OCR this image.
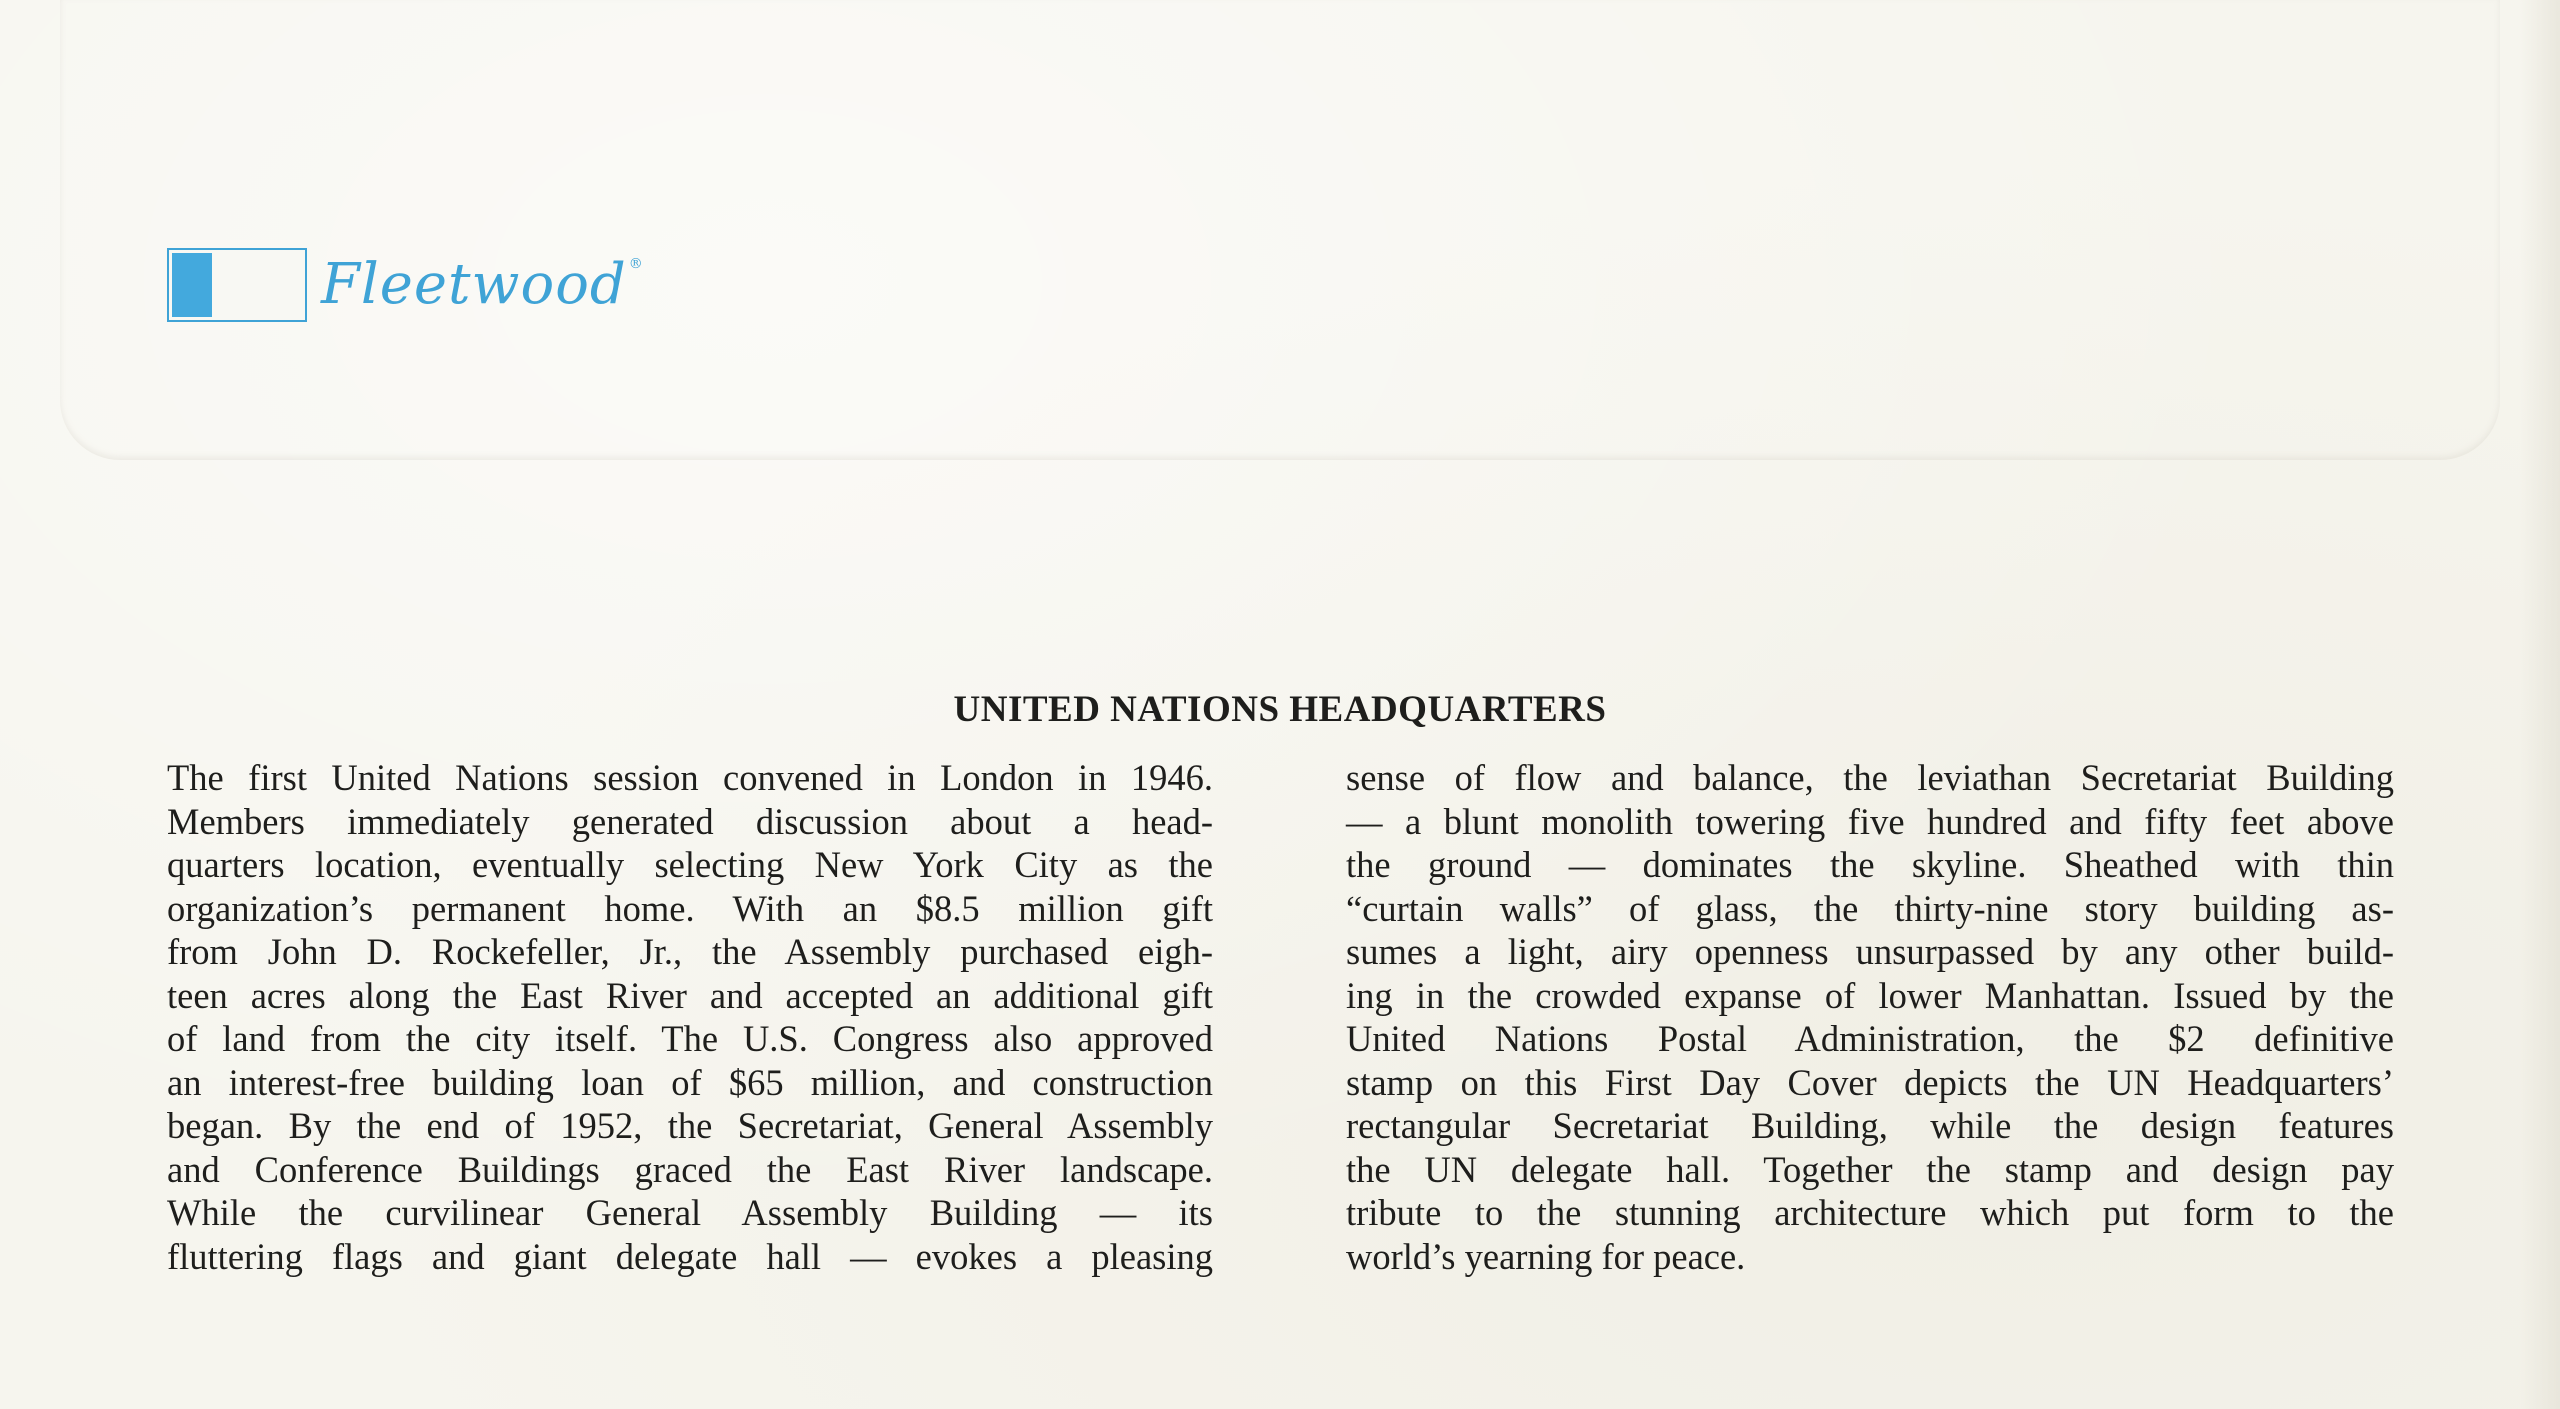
Fleetwood ®
UNITED NATIONS HEADQUARTERS
The first United Nations session convened in London in 1946.
Members immediately generated discussion about a head-
quarters location, eventually selecting New York City as the
organization’s permanent home. With an $8.5 million gift
from John D. Rockefeller, Jr., the Assembly purchased eigh-
teen acres along the East River and accepted an additional gift
of land from the city itself. The U.S. Congress also approved
an interest-free building loan of $65 million, and construction
began. By the end of 1952, the Secretariat, General Assembly
and Conference Buildings graced the East River landscape.
While the curvilinear General Assembly Building — its
fluttering flags and giant delegate hall — evokes a pleasing
sense of flow and balance, the leviathan Secretariat Building
— a blunt monolith towering five hundred and fifty feet above
the ground — dominates the skyline. Sheathed with thin
“curtain walls” of glass, the thirty-nine story building as-
sumes a light, airy openness unsurpassed by any other build-
ing in the crowded expanse of lower Manhattan. Issued by the
United Nations Postal Administration, the $2 definitive
stamp on this First Day Cover depicts the UN Headquarters’
rectangular Secretariat Building, while the design features
the UN delegate hall. Together the stamp and design pay
tribute to the stunning architecture which put form to the
world’s yearning for peace.
